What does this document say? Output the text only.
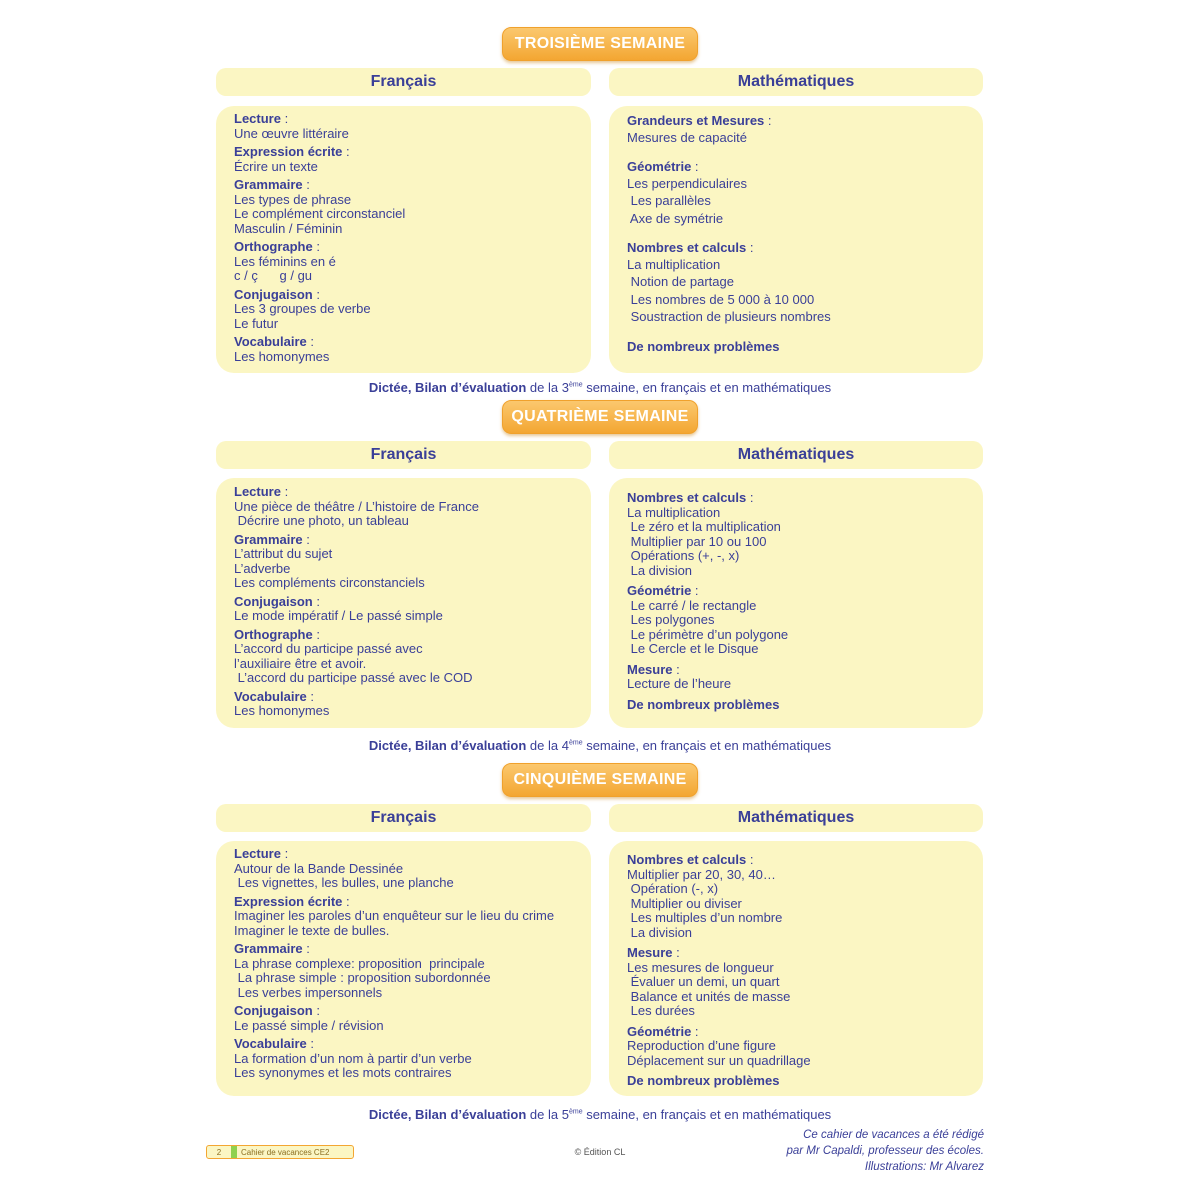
TROISIÈME SEMAINE
Français	Mathématiques
Lecture :
Une œuvre littéraire
Expression écrite :
Écrire un texte
Grammaire :
Les types de phrase
Le complément circonstanciel
Masculin / Féminin
Orthographe :
Les féminins en é
c / ç      g / gu
Conjugaison :
Les 3 groupes de verbe
Le futur
Vocabulaire :
Les homonymes
Grandeurs et Mesures :
Mesures de capacité
Géométrie :
Les perpendiculaires
Les parallèles
Axe de symétrie
Nombres et calculs :
La multiplication
Notion de partage
Les nombres de 5 000 à 10 000
Soustraction de plusieurs nombres
De nombreux problèmes
Dictée, Bilan d’évaluation de la 3ème semaine, en français et en mathématiques
QUATRIÈME SEMAINE
Français	Mathématiques
Lecture :
Une pièce de théâtre / L’histoire de France
Décrire une photo, un tableau
Grammaire :
L’attribut du sujet
L’adverbe
Les compléments circonstanciels
Conjugaison :
Le mode impératif / Le passé simple
Orthographe :
L’accord du participe passé avec
l’auxiliaire être et avoir.
L’accord du participe passé avec le COD
Vocabulaire :
Les homonymes
Nombres et calculs :
La multiplication
Le zéro et la multiplication
Multiplier par 10 ou 100
Opérations (+, -, x)
La division
Géométrie :
Le carré / le rectangle
Les polygones
Le périmètre d’un polygone
Le Cercle et le Disque
Mesure :
Lecture de l’heure
De nombreux problèmes
Dictée, Bilan d’évaluation de la 4ème semaine, en français et en mathématiques
CINQUIÈME SEMAINE
Français	Mathématiques
Lecture :
Autour de la Bande Dessinée
Les vignettes, les bulles, une planche
Expression écrite :
Imaginer les paroles d’un enquêteur sur le lieu du crime
Imaginer le texte de bulles.
Grammaire :
La phrase complexe: proposition  principale
La phrase simple : proposition subordonnée
Les verbes impersonnels
Conjugaison :
Le passé simple / révision
Vocabulaire :
La formation d’un nom à partir d’un verbe
Les synonymes et les mots contraires
Nombres et calculs :
Multiplier par 20, 30, 40…
Opération (-, x)
Multiplier ou diviser
Les multiples d’un nombre
La division
Mesure :
Les mesures de longueur
Évaluer un demi, un quart
Balance et unités de masse
Les durées
Géométrie :
Reproduction d’une figure
Déplacement sur un quadrillage
De nombreux problèmes
Dictée, Bilan d’évaluation de la 5ème semaine, en français et en mathématiques
2	Cahier de vacances CE2	© Édition CL
Ce cahier de vacances a été rédigé
par Mr Capaldi, professeur des écoles.
Illustrations: Mr Alvarez
